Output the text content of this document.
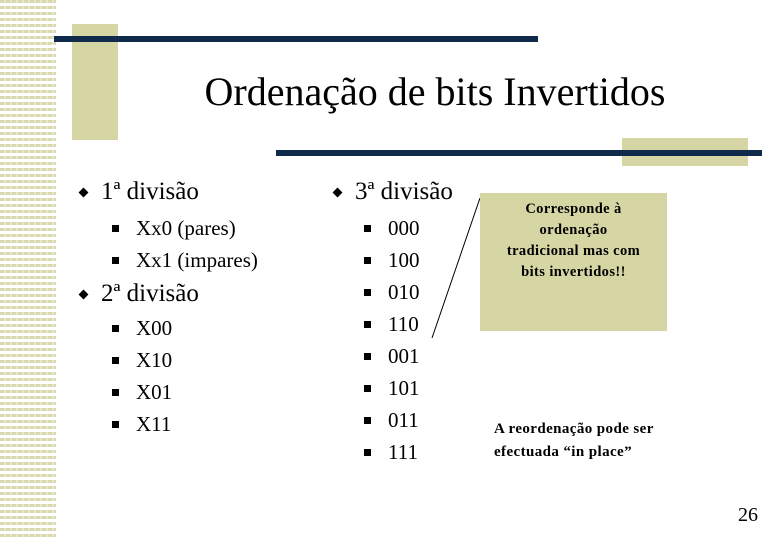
Ordenação de bits Invertidos
1ª divisão
Xx0 (pares)
Xx1 (impares)
2ª divisão
X00
X10
X01
X11
3ª divisão
000
100
010
110
001
101
011
111
Corresponde à
ordenação
tradicional mas com
bits invertidos!!
A reordenação pode ser
efectuada “in place”
26
